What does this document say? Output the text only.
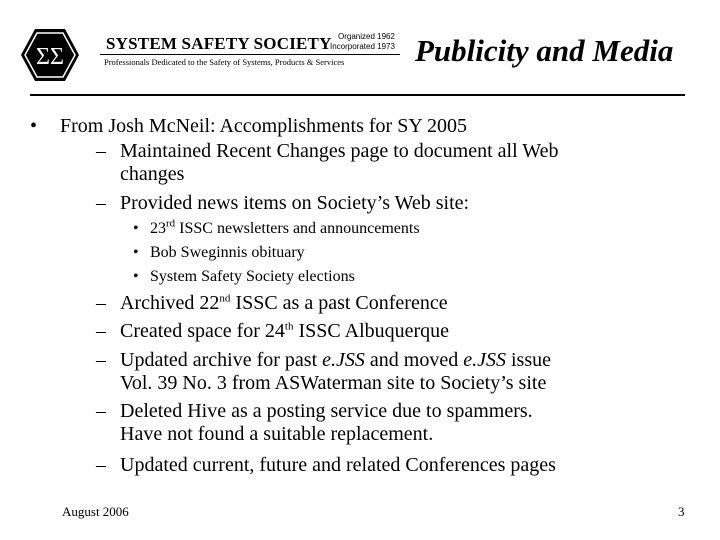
ΣΣ
SYSTEM SAFETY SOCIETY
Professionals Dedicated to the Safety of Systems, Products & Services
Organized 1962
Incorporated 1973 Publicity and Media
• From Josh McNeil: Accomplishments for SY 2005
– Maintained Recent Changes page to document all Web
changes
– Provided news items on Society’s Web site:
• 23rd ISSC newsletters and announcements
• Bob Sweginnis obituary
• System Safety Society elections
– Archived 22nd ISSC as a past Conference
– Created space for 24th ISSC Albuquerque
– Updated archive for past e.JSS and moved e.JSS issue
Vol. 39 No. 3 from ASWaterman site to Society’s site
– Deleted Hive as a posting service due to spammers.
Have not found a suitable replacement.
– Updated current, future and related Conferences pages
August 2006	3
